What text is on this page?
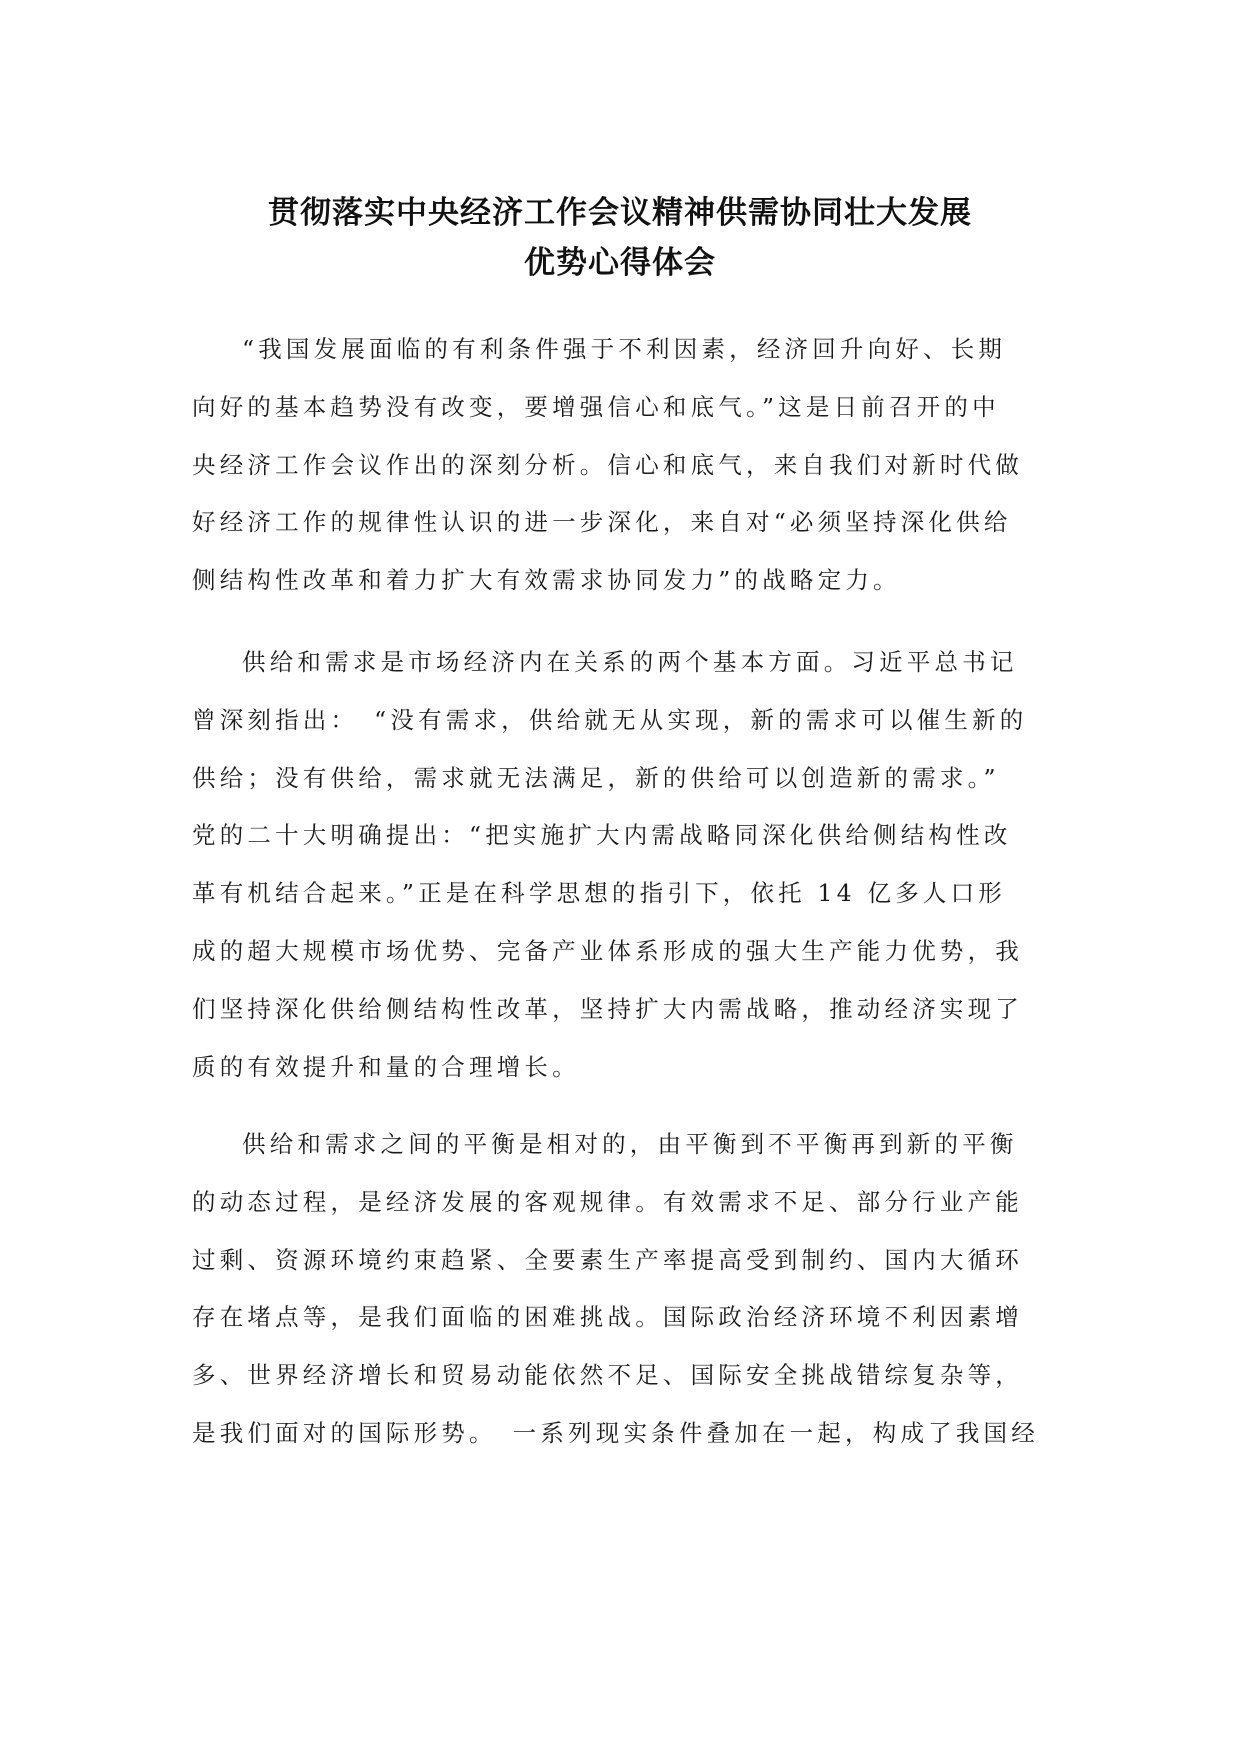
贯彻落实中央经济工作会议精神供需协同壮大发展
优势心得体会
“我国发展面临的有利条件强于不利因素，经济回升向好、长期
向好的基本趋势没有改变，要增强信心和底气。”这是日前召开的中
央经济工作会议作出的深刻分析。信心和底气，来自我们对新时代做
好经济工作的规律性认识的进一步深化，来自对“必须坚持深化供给
侧结构性改革和着力扩大有效需求协同发力”的战略定力。
供给和需求是市场经济内在关系的两个基本方面。习近平总书记
曾深刻指出：　“没有需求，供给就无从实现，新的需求可以催生新的
供给；没有供给，需求就无法满足，新的供给可以创造新的需求。”
党的二十大明确提出：“把实施扩大内需战略同深化供给侧结构性改
革有机结合起来。”正是在科学思想的指引下，依托 14 亿多人口形
成的超大规模市场优势、完备产业体系形成的强大生产能力优势，我
们坚持深化供给侧结构性改革，坚持扩大内需战略，推动经济实现了
质的有效提升和量的合理增长。
供给和需求之间的平衡是相对的，由平衡到不平衡再到新的平衡
的动态过程，是经济发展的客观规律。有效需求不足、部分行业产能
过剩、资源环境约束趋紧、全要素生产率提高受到制约、国内大循环
存在堵点等，是我们面临的困难挑战。国际政治经济环境不利因素增
多、世界经济增长和贸易动能依然不足、国际安全挑战错综复杂等，
是我们面对的国际形势。　一系列现实条件叠加在一起，构成了我国经
